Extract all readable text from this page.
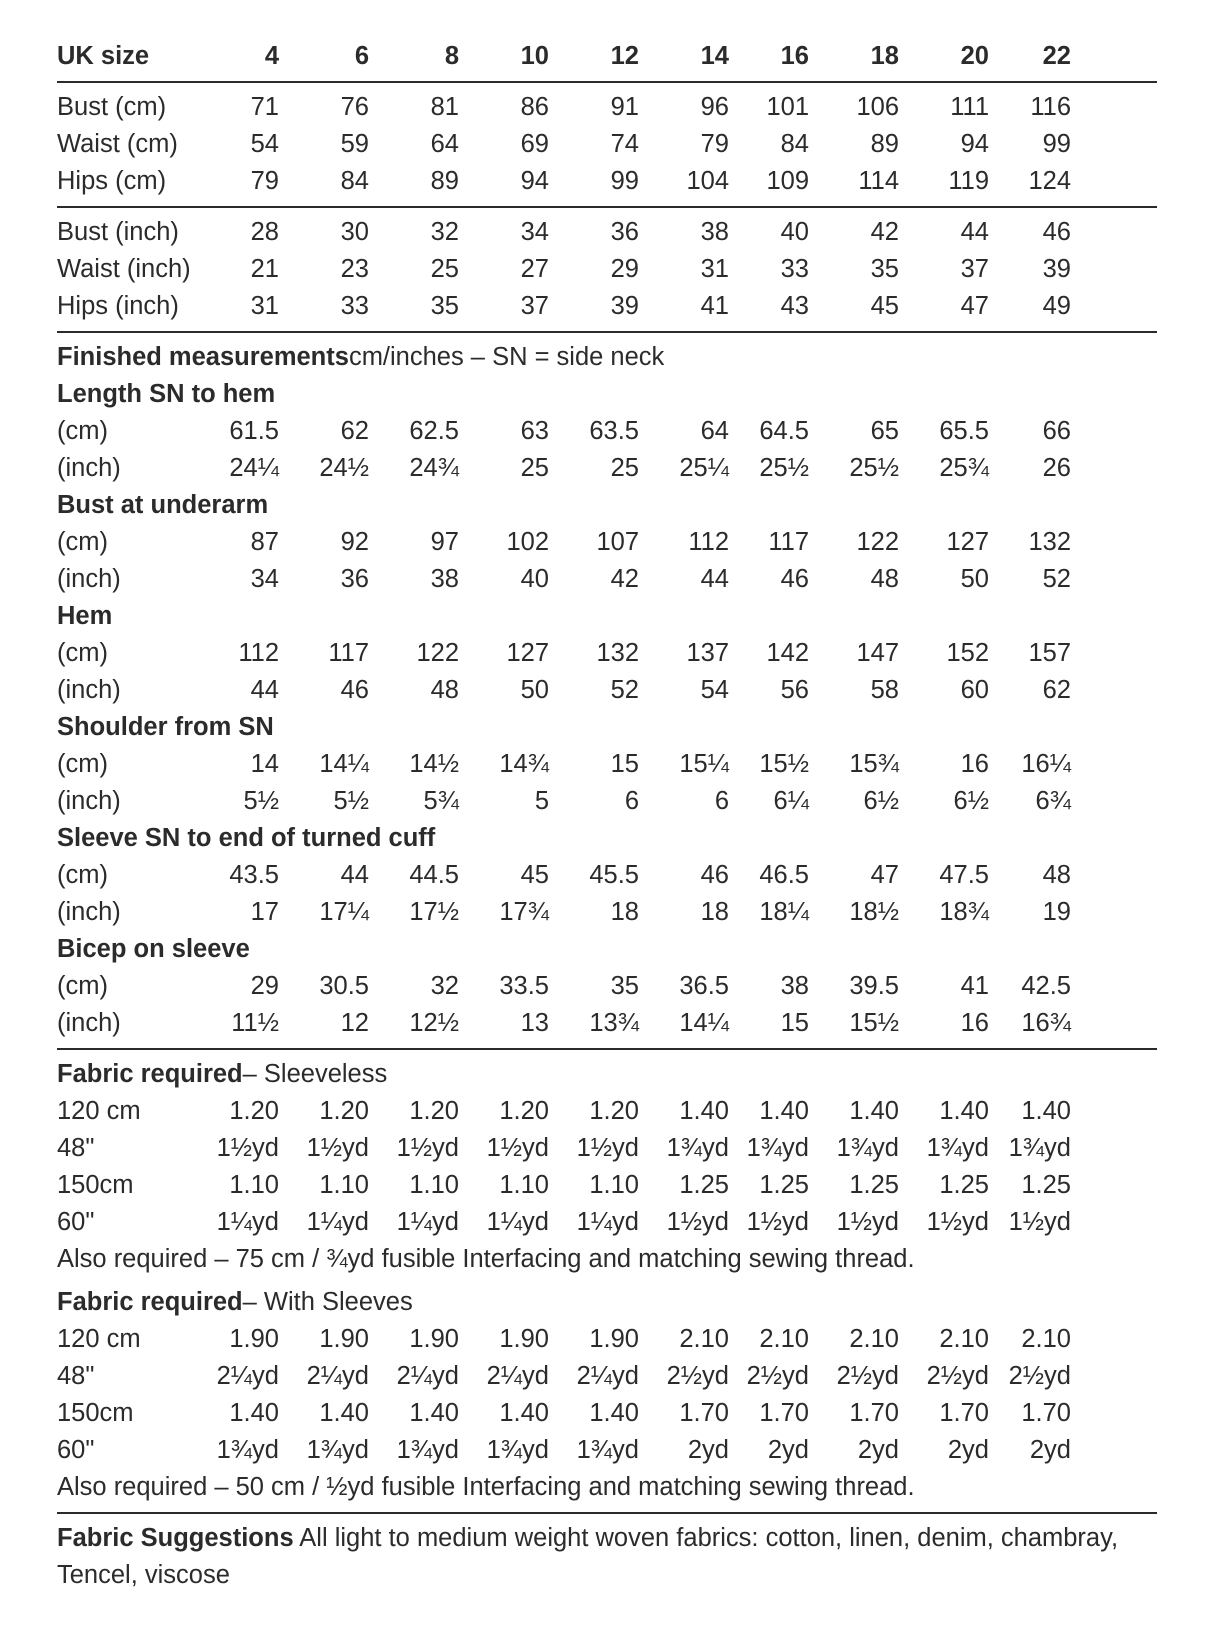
UK size	4	6	8 10 12 14 16 18 20 22
Bust (cm)	71 76 81 86 91 96 101 106 111 116
Waist (cm)	54 59 64 69 74 79 84 89 94 99
Hips (cm)	79 84 89 94 99 104 109 114 119 124
Bust (inch)	28 30 32 34 36 38 40 42 44 46
Waist (inch) 21 23 25 27 29 31 33 35 37 39
Hips (inch)	31 33 35 37 39 41 43 45 47 49
Finished measurements cm/inches – SN = side neck
Length SN to hem
(cm)	61.5 62 62.5 63 63.5 64 64.5 65 65.5 66
(inch)	24¼ 24½ 24¾ 25 25 25¼ 25½ 25½ 25¾ 26
Bust at underarm
(cm)	87 92 97 102 107 112 117 122 127 132
(inch)	34 36 38 40 42 44 46 48 50 52
Hem
(cm)	112 117 122 127 132 137 142 147 152 157
(inch)	44 46 48 50 52 54 56 58 60 62
Shoulder from SN
(cm)	14 14¼ 14½ 14¾ 15 15¼ 15½ 15¾ 16 16¼
(inch)	5½ 5½ 5¾	5	6	6 6¼ 6½ 6½ 6¾
Sleeve SN to end of turned cuff
(cm)	43.5 44 44.5 45 45.5 46 46.5 47 47.5 48
(inch)	17 17¼ 17½ 17¾ 18 18 18¼ 18½ 18¾ 19
Bicep on sleeve
(cm)	29 30.5 32 33.5 35 36.5 38 39.5 41 42.5
(inch)	11½ 12 12½ 13 13¾ 14¼ 15 15½ 16 16¾
Fabric required – Sleeveless
120 cm	1.20 1.20 1.20 1.20 1.20 1.40 1.40 1.40 1.40 1.40
48"	1½yd 1½yd 1½yd 1½yd 1½yd 1¾yd 1¾yd 1¾yd 1¾yd 1¾yd
150cm	1.10 1.10 1.10 1.10 1.10 1.25 1.25 1.25 1.25 1.25
60"	1¼yd 1¼yd 1¼yd 1¼yd 1¼yd 1½yd 1½yd 1½yd 1½yd 1½yd
Also required – 75 cm / ¾yd fusible Interfacing and matching sewing thread.
Fabric required – With Sleeves
120 cm	1.90 1.90 1.90 1.90 1.90 2.10 2.10 2.10 2.10 2.10
48"	2¼yd 2¼yd 2¼yd 2¼yd 2¼yd 2½yd 2½yd 2½yd 2½yd 2½yd
150cm	1.40 1.40 1.40 1.40 1.40 1.70 1.70 1.70 1.70 1.70
60"	1¾yd 1¾yd 1¾yd 1¾yd 1¾yd 2yd 2yd 2yd 2yd 2yd
Also required – 50 cm / ½yd fusible Interfacing and matching sewing thread.
Fabric Suggestions All light to medium weight woven fabrics: cotton, linen, denim, chambray, Tencel, viscose
